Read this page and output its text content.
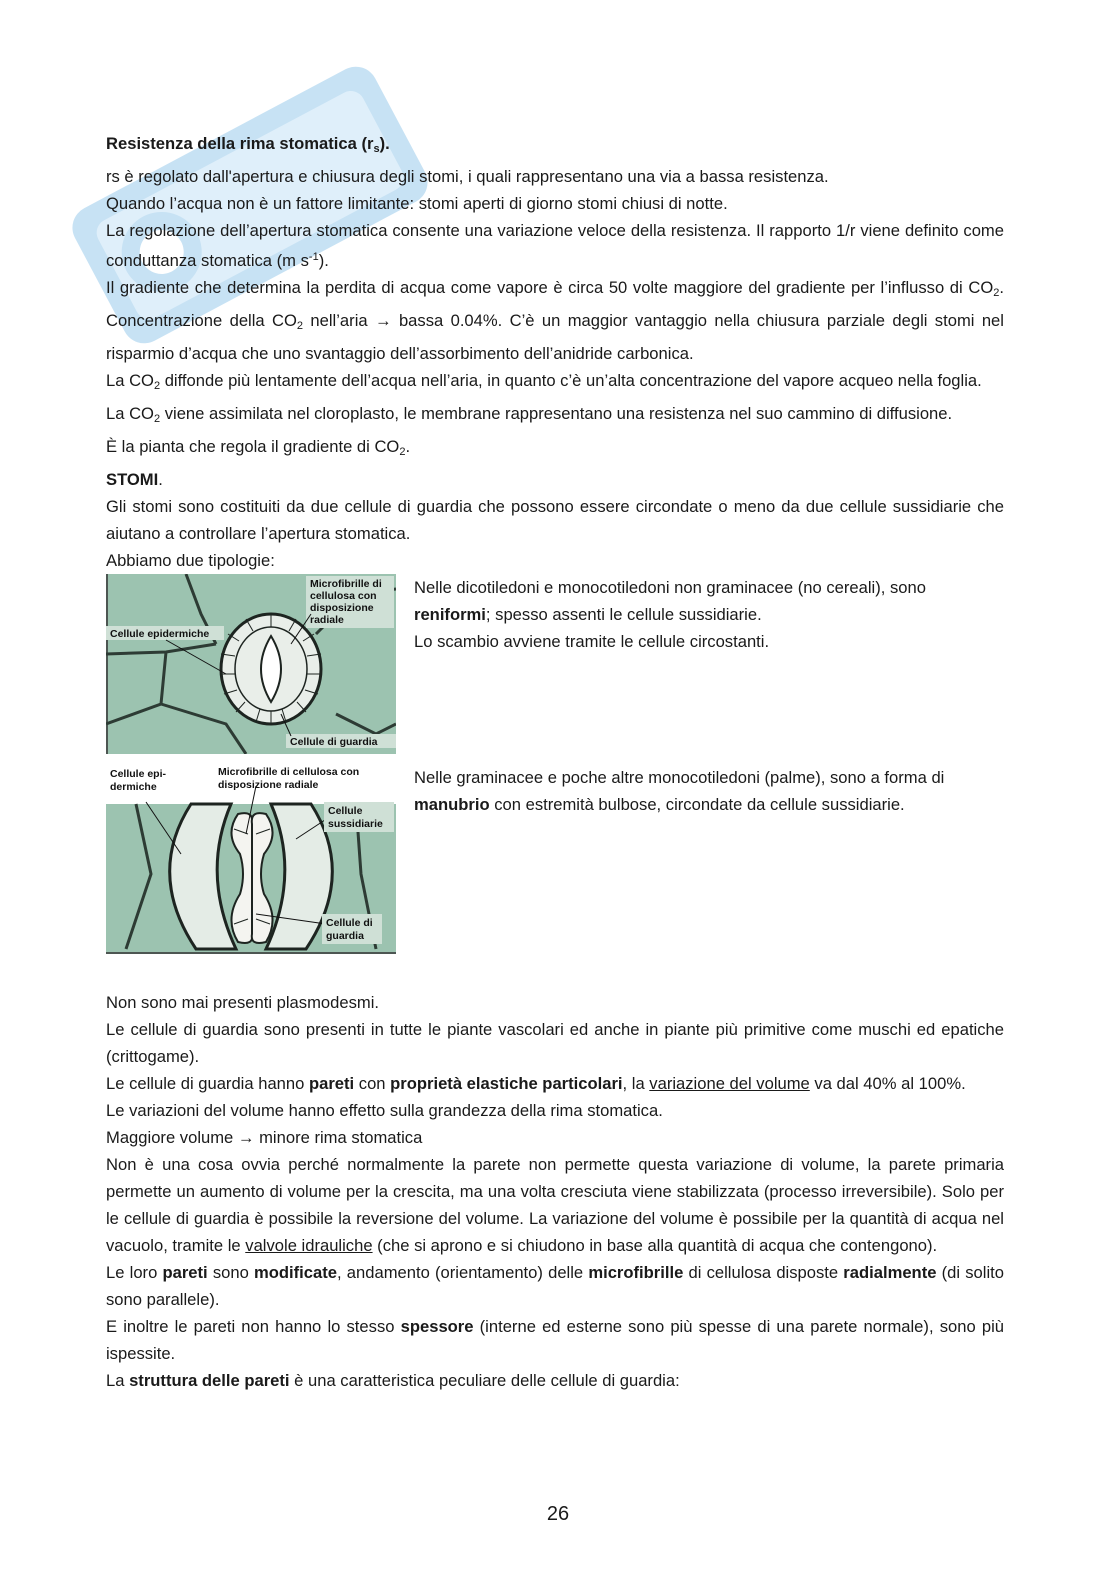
Resistenza della rima stomatica $(r_s)$.

rs è regolato dall'apertura e chiusura degli stomi, i quali rappresentano una via a bassa resistenza.

Quando l’acqua non è un fattore limitante: stomi aperti di giorno stomi chiusi di notte.

La regolazione dell’apertura stomatica consente una variazione veloce della resistenza. Il rapporto 1/r viene definito come conduttanza stomatica (m $s^{-1}$).

Il gradiente che determina la perdita di acqua come vapore è circa 50 volte maggiore del gradiente per l’influsso di $CO_2$. Concentrazione della $CO_2$ nell’aria → bassa 0.04%. C’è un maggior vantaggio nella chiusura parziale degli stomi nel risparmio d’acqua che uno svantaggio dell’assorbimento dell’anidride carbonica.

La $CO_2$ diffonde più lentamente dell’acqua nell’aria, in quanto c’è un’alta concentrazione del vapore acqueo nella foglia.

La $CO_2$ viene assimilata nel cloroplasto, le membrane rappresentano una resistenza nel suo cammino di diffusione.

È la pianta che regola il gradiente di $CO_2$.

STOMI.

Gli stomi sono costituiti da due cellule di guardia che possono essere circondate o meno da due cellule sussidiarie che aiutano a controllare l’apertura stomatica.

Abbiamo due tipologie:

Cellule epidermiche
Microfibrille di
cellulosa con
disposizione
radiale
Cellule di guardia

Nelle dicotiledoni e monocotiledoni non graminacee (no cereali), sono reniformi; spesso assenti le cellule sussidiarie.

Lo scambio avviene tramite le cellule circostanti.

Cellule epi-
dermiche
Microfibrille di cellulosa con
disposizione radiale
Cellule
sussidiarie
Cellule di
guardia

Nelle graminacee e poche altre monocotiledoni (palme), sono a forma di manubrio con estremità bulbose, circondate da cellule sussidiarie.

Non sono mai presenti plasmodesmi.

Le cellule di guardia sono presenti in tutte le piante vascolari ed anche in piante più primitive come muschi ed epatiche (crittogame).

Le cellule di guardia hanno pareti con proprietà elastiche particolari, la variazione del volume va dal 40% al 100%.

Le variazioni del volume hanno effetto sulla grandezza della rima stomatica.

Maggiore volume → minore rima stomatica

Non è una cosa ovvia perché normalmente la parete non permette questa variazione di volume, la parete primaria permette un aumento di volume per la crescita, ma una volta cresciuta viene stabilizzata (processo irreversibile). Solo per le cellule di guardia è possibile la reversione del volume. La variazione del volume è possibile per la quantità di acqua nel vacuolo, tramite le valvole idrauliche (che si aprono e si chiudono in base alla quantità di acqua che contengono).

Le loro pareti sono modificate, andamento (orientamento) delle microfibrille di cellulosa disposte radialmente (di solito sono parallele).

E inoltre le pareti non hanno lo stesso spessore (interne ed esterne sono più spesse di una parete normale), sono più ispessite.

La struttura delle pareti è una caratteristica peculiare delle cellule di guardia:

26
